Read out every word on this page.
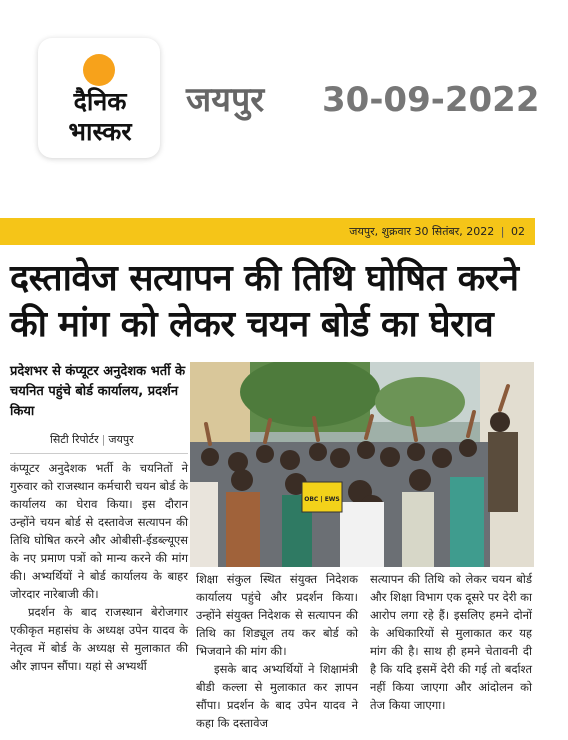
दैनिक
भास्कर
जयपुर 30-09-2022
जयपुर, शुक्रवार 30 सितंबर, 2022 | 02
दस्तावेज सत्यापन की तिथि घोषित करने
की मांग को लेकर चयन बोर्ड का घेराव
प्रदेशभर से कंप्यूटर अनुदेशक भर्ती के चयनित पहुंचे बोर्ड कार्यालय, प्रदर्शन किया
सिटी रिपोर्टर | जयपुर

कंप्यूटर अनुदेशक भर्ती के चयनितों ने गुरुवार को राजस्थान कर्मचारी चयन बोर्ड के कार्यालय का घेराव किया। इस दौरान उन्होंने चयन बोर्ड से दस्तावेज सत्यापन की तिथि घोषित करने और ओबीसी-ईडब्ल्यूएस के नए प्रमाण पत्रों को मान्य करने की मांग की। अभ्यर्थियों ने बोर्ड कार्यालय के बाहर जोरदार नारेबाजी की।

प्रदर्शन के बाद राजस्थान बेरोजगार एकीकृत महासंघ के अध्यक्ष उपेन यादव के नेतृत्व में बोर्ड के अध्यक्ष से मुलाकात की और ज्ञापन सौंपा। यहां से अभ्यर्थी

शिक्षा संकुल स्थित संयुक्त निदेशक कार्यालय पहुंचे और प्रदर्शन किया। उन्होंने संयुक्त निदेशक से सत्यापन की तिथि का शिड्यूल तय कर बोर्ड को भिजवाने की मांग की।

इसके बाद अभ्यर्थियों ने शिक्षामंत्री बीडी कल्ला से मुलाकात कर ज्ञापन सौंपा। प्रदर्शन के बाद उपेन यादव ने कहा कि दस्तावेज

सत्यापन की तिथि को लेकर चयन बोर्ड और शिक्षा विभाग एक दूसरे पर देरी का आरोप लगा रहे हैं। इसलिए हमने दोनों के अधिकारियों से मुलाकात कर यह मांग की है। साथ ही हमने चेतावनी दी है कि यदि इसमें देरी की गई तो बर्दाश्त नहीं किया जाएगा और आंदोलन को तेज किया जाएगा।

OBC | EWS
